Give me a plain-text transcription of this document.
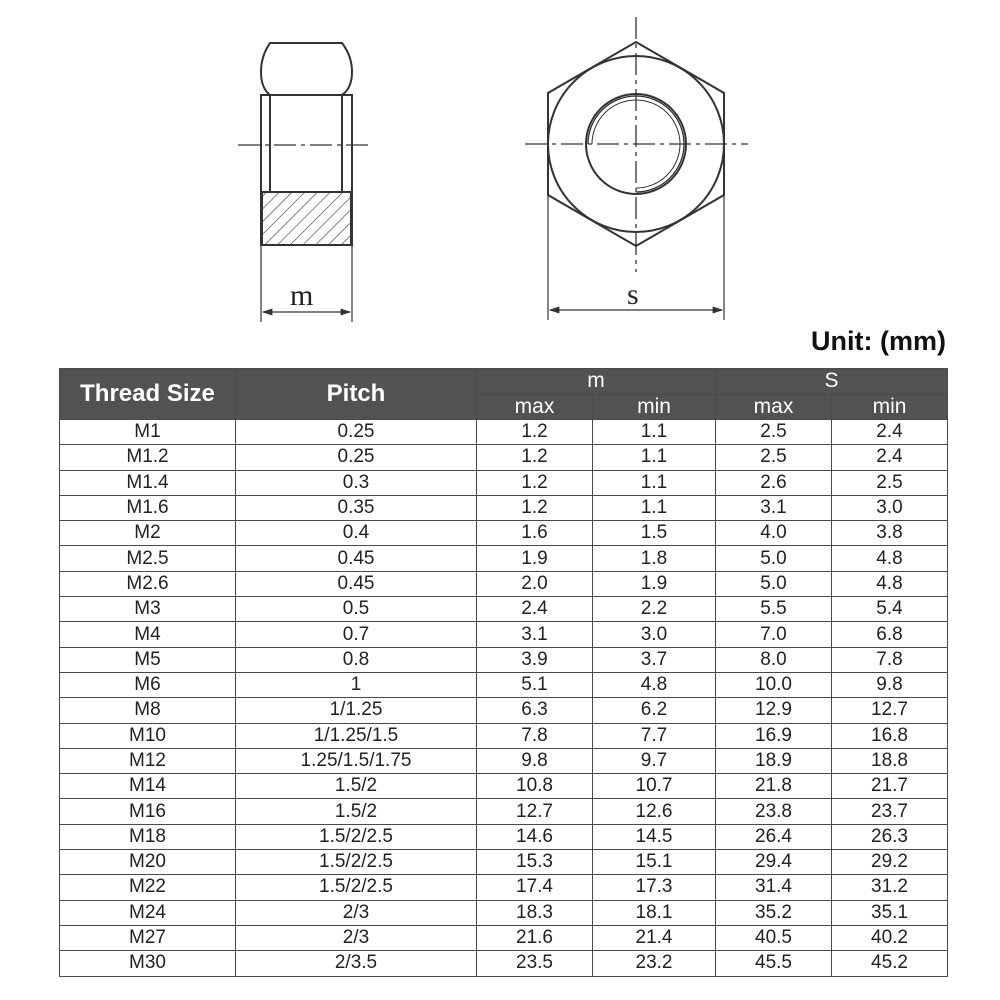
m	s
Unit: (mm)
Thread Size	Pitch	m		S	
		max	min	max	min
M1	0.25	1.2	1.1	2.5	2.4
M1.2	0.25	1.2	1.1	2.5	2.4
M1.4	0.3	1.2	1.1	2.6	2.5
M1.6	0.35	1.2	1.1	3.1	3.0
M2	0.4	1.6	1.5	4.0	3.8
M2.5	0.45	1.9	1.8	5.0	4.8
M2.6	0.45	2.0	1.9	5.0	4.8
M3	0.5	2.4	2.2	5.5	5.4
M4	0.7	3.1	3.0	7.0	6.8
M5	0.8	3.9	3.7	8.0	7.8
M6	1	5.1	4.8	10.0	9.8
M8	1/1.25	6.3	6.2	12.9	12.7
M10	1/1.25/1.5	7.8	7.7	16.9	16.8
M12	1.25/1.5/1.75	9.8	9.7	18.9	18.8
M14	1.5/2	10.8	10.7	21.8	21.7
M16	1.5/2	12.7	12.6	23.8	23.7
M18	1.5/2/2.5	14.6	14.5	26.4	26.3
M20	1.5/2/2.5	15.3	15.1	29.4	29.2
M22	1.5/2/2.5	17.4	17.3	31.4	31.2
M24	2/3	18.3	18.1	35.2	35.1
M27	2/3	21.6	21.4	40.5	40.2
M30	2/3.5	23.5	23.2	45.5	45.2
